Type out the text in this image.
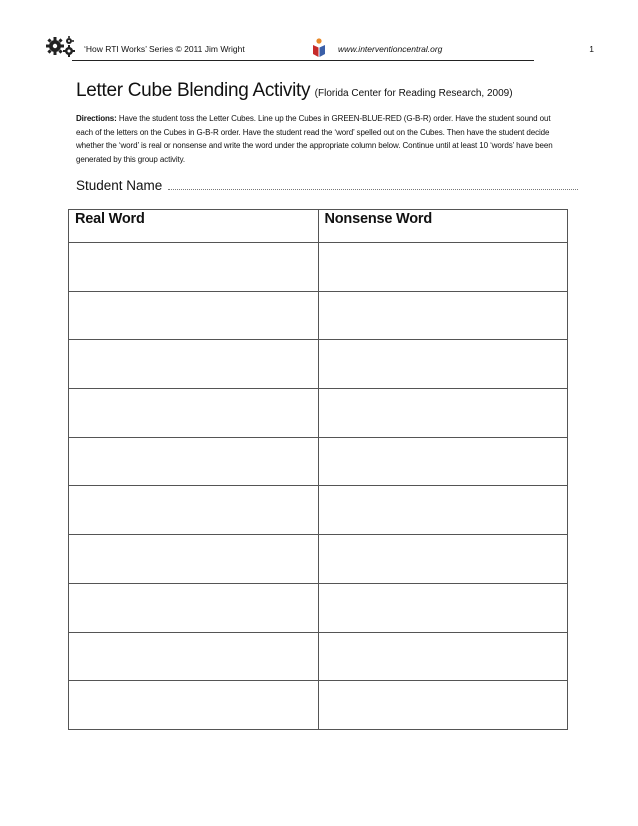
‘How RTI Works’ Series © 2011 Jim Wright	www.interventioncentral.org	1
Letter Cube Blending Activity (Florida Center for Reading Research, 2009)
Directions: Have the student toss the Letter Cubes. Line up the Cubes in GREEN-BLUE-RED (G-B-R) order. Have the student sound out each of the letters on the Cubes in G-B-R order. Have the student read the ‘word’ spelled out on the Cubes. Then have the student decide whether the ‘word’ is real or nonsense and write the word under the appropriate column below. Continue until at least 10 ‘words’ have been generated by this group activity.
Student Name
Real Word	Nonsense Word
